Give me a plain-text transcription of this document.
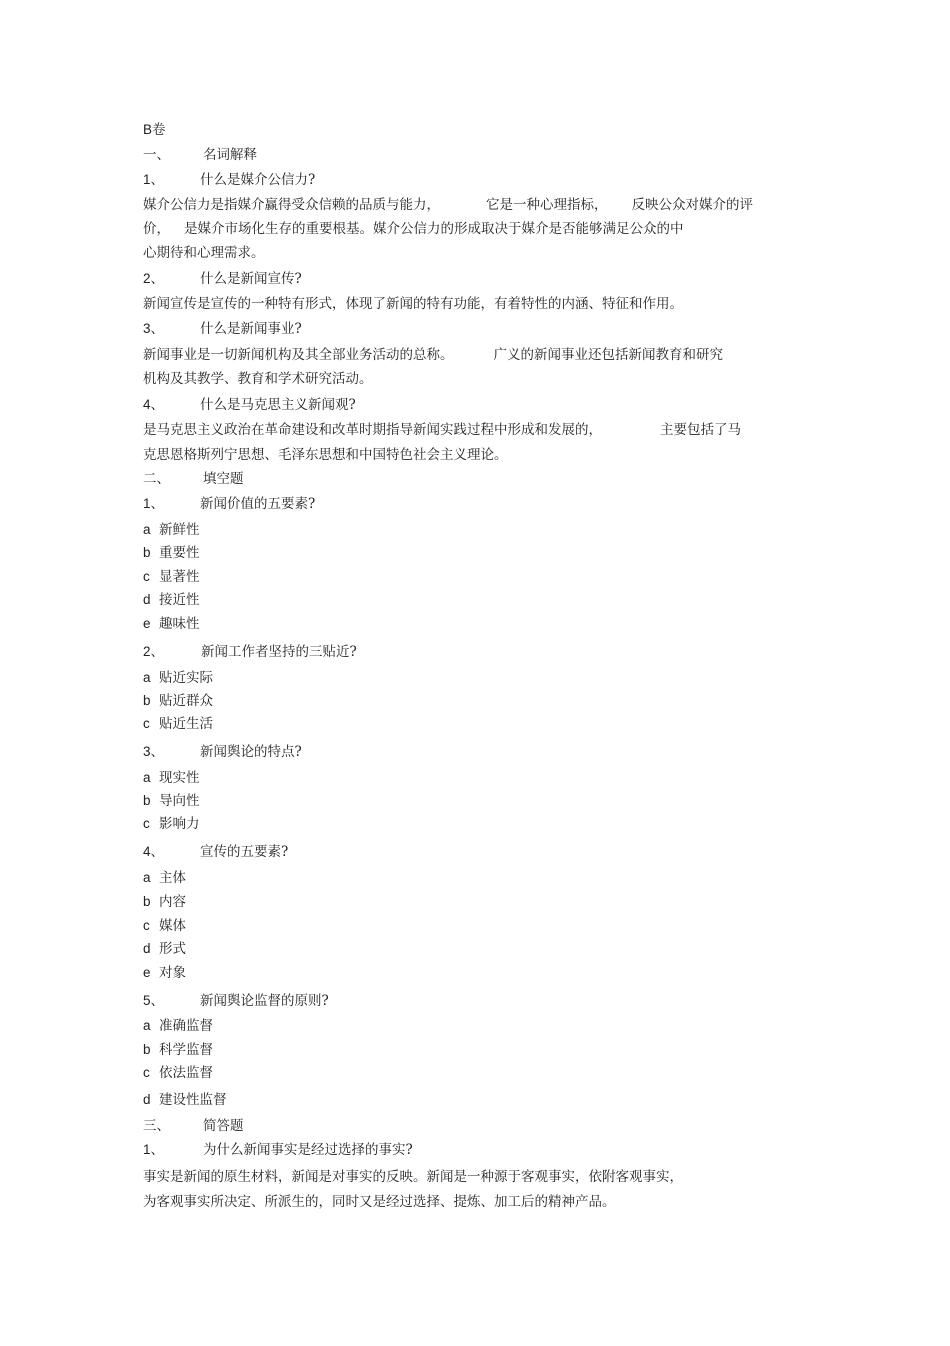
B卷
一、 名词解释
1、	什么是媒介公信力?
媒介公信力是指媒介赢得受众信赖的品质与能力，	它是一种心理指标， 反映公众对媒介的评
价， 是媒介市场化生存的重要根基。媒介公信力的形成取决于媒介是否能够满足公众的中
心期待和心理需求。
2、	什么是新闻宣传?
新闻宣传是宣传的一种特有形式，体现了新闻的特有功能，有着特性的内涵、特征和作用。
3、	什么是新闻事业?
新闻事业是一切新闻机构及其全部业务活动的总称。	广义的新闻事业还包括新闻教育和研究
机构及其教学、教育和学术研究活动。
4、	什么是马克思主义新闻观?
是马克思主义政治在革命建设和改革时期指导新闻实践过程中形成和发展的，	主要包括了马
克思恩格斯列宁思想、毛泽东思想和中国特色社会主义理论。
二、 填空题
1、	新闻价值的五要素?
a 新鲜性
b 重要性
c 显著性
d 接近性
e 趣味性
2、	新闻工作者坚持的三贴近?
a 贴近实际
b 贴近群众
c 贴近生活
3、	新闻舆论的特点?
a 现实性
b 导向性
c 影响力
4、	宣传的五要素?
a 主体
b 内容
c 媒体
d 形式
e 对象
5、	新闻舆论监督的原则?
a 准确监督
b 科学监督
c 依法监督
d 建设性监督
三、 简答题
1、	为什么新闻事实是经过选择的事实?
事实是新闻的原生材料，新闻是对事实的反映。新闻是一种源于客观事实，依附客观事实，
为客观事实所决定、所派生的，同时又是经过选择、提炼、加工后的精神产品。
